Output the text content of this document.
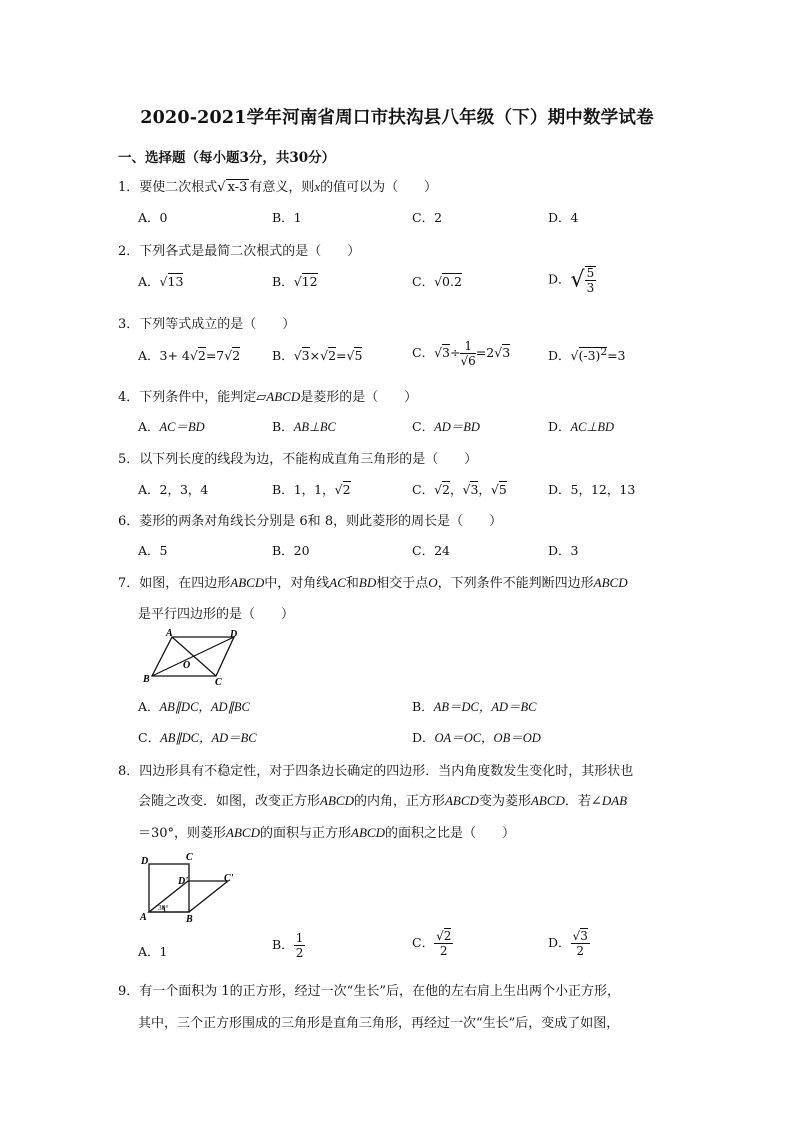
2020-2021学年河南省周口市扶沟县八年级（下）期中数学试卷
一、选择题（每小题3分，共30分）
1．要使二次根式√ x-3 有意义，则x的值可以为（　　）
A．0	B．1	C．2	D．4
2．下列各式是最简二次根式的是（　　）
A．√13	B．√12	C．√0.2	D．√ $\frac{5}{3}$
3．下列等式成立的是（　　）
A．3+ 4√2=7√2	B．√3×√2=√5	C．$√3\div \frac{1}{√6} =2√3$	D．$√(-3)^2=3$
4．下列条件中，能判定▱ABCD是菱形的是（　　）
A．AC＝BD	B．AB⊥BC	C．AD＝BD	D．AC⊥BD
5．以下列长度的线段为边，不能构成直角三角形的是（　　）
A．2，3，4	B．1，1，√2	C．√2，√3，√5	D．5，12，13
6．菱形的两条对角线长分别是 6和 8，则此菱形的周长是（　　）
A．5	B．20	C．24	D．3
7．如图，在四边形ABCD中，对角线AC和BD相交于点O，下列条件不能判断四边形ABCD
是平行四边形的是（　　）
A	D
B	C
O
A．AB∥DC，AD∥BC	B．AB＝DC，AD＝BC
C．AB∥DC，AD＝BC	D．OA＝OC，OB＝OD
8．四边形具有不稳定性，对于四条边长确定的四边形．当内角度数发生变化时，其形状也
会随之改变．如图，改变正方形ABCD的内角，正方形ABCD变为菱形ABCD．若∠DAB
＝30°，则菱形ABCD的面积与正方形ABCD的面积之比是（　　）
D	C
D'	C'
A	B
30°
A．1	B． $\frac{1}{2}$	C． $\frac{√2}{2}$	D． $\frac{√3}{2}$
9．有一个面积为 1的正方形，经过一次“生长”后，在他的左右肩上生出两个小正方形，
其中，三个正方形围成的三角形是直角三角形，再经过一次“生长”后，变成了如图，
